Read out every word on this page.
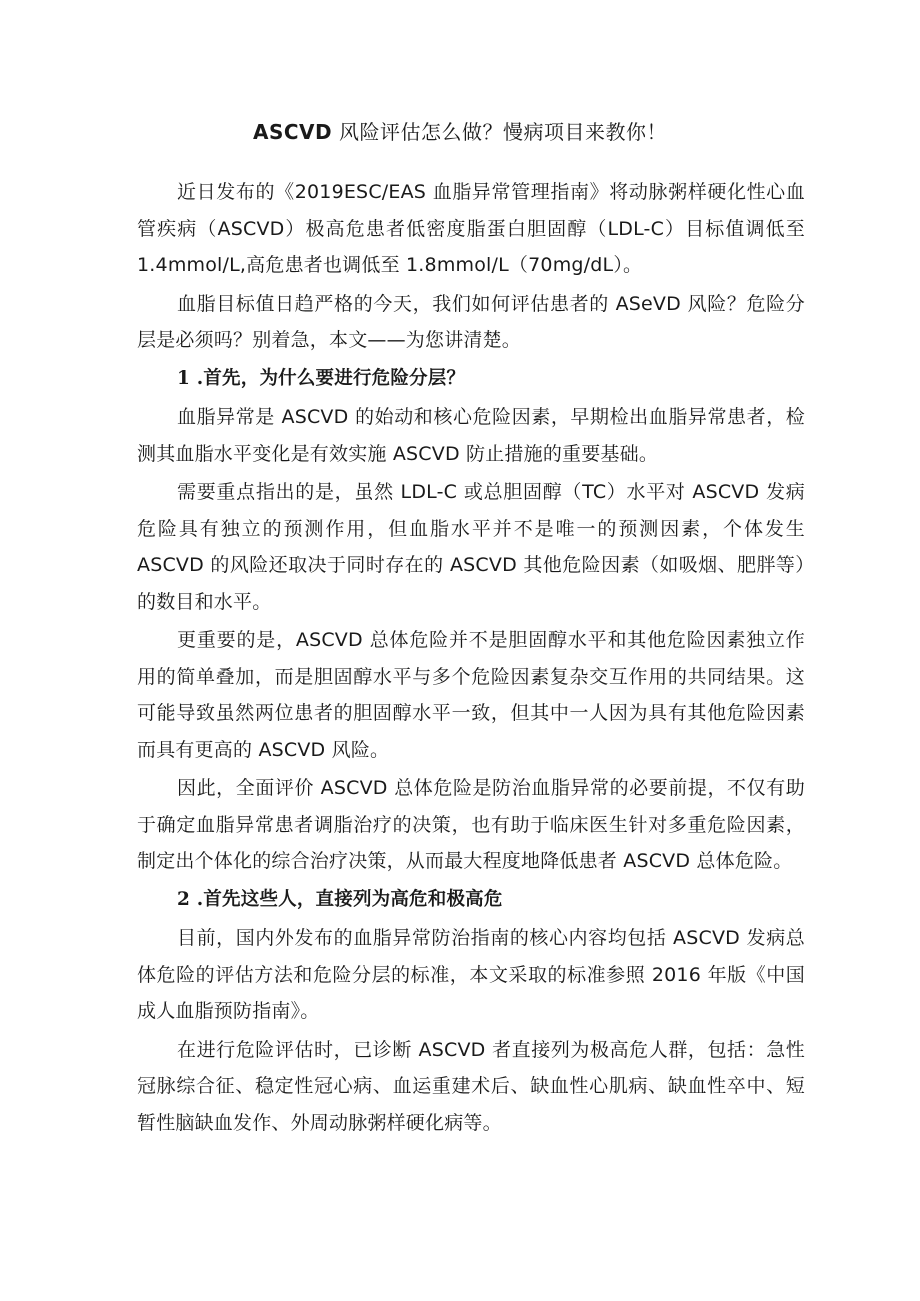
ASCVD 风险评估怎么做？慢病项目来教你！

近日发布的《2019ESC/EAS 血脂异常管理指南》将动脉粥样硬化性心血管疾病（ASCVD）极高危患者低密度脂蛋白胆固醇（LDL-C）目标值调低至 1.4mmol/L,高危患者也调低至 1.8mmol/L（70mg/dL）。

血脂目标值日趋严格的今天，我们如何评估患者的 ASeVD 风险？危险分层是必须吗？别着急，本文——为您讲清楚。

1 .首先，为什么要进行危险分层？

血脂异常是 ASCVD 的始动和核心危险因素，早期检出血脂异常患者，检测其血脂水平变化是有效实施 ASCVD 防止措施的重要基础。

需要重点指出的是，虽然 LDL-C 或总胆固醇（TC）水平对 ASCVD 发病危险具有独立的预测作用，但血脂水平并不是唯一的预测因素，个体发生 ASCVD 的风险还取决于同时存在的 ASCVD 其他危险因素（如吸烟、肥胖等）的数目和水平。

更重要的是，ASCVD 总体危险并不是胆固醇水平和其他危险因素独立作用的简单叠加，而是胆固醇水平与多个危险因素复杂交互作用的共同结果。这可能导致虽然两位患者的胆固醇水平一致，但其中一人因为具有其他危险因素而具有更高的 ASCVD 风险。

因此，全面评价 ASCVD 总体危险是防治血脂异常的必要前提，不仅有助于确定血脂异常患者调脂治疗的决策，也有助于临床医生针对多重危险因素，制定出个体化的综合治疗决策，从而最大程度地降低患者 ASCVD 总体危险。

2 .首先这些人，直接列为高危和极高危

目前，国内外发布的血脂异常防治指南的核心内容均包括 ASCVD 发病总体危险的评估方法和危险分层的标准，本文采取的标准参照 2016 年版《中国成人血脂预防指南》。

在进行危险评估时，已诊断 ASCVD 者直接列为极高危人群，包括：急性冠脉综合征、稳定性冠心病、血运重建术后、缺血性心肌病、缺血性卒中、短暂性脑缺血发作、外周动脉粥样硬化病等。
